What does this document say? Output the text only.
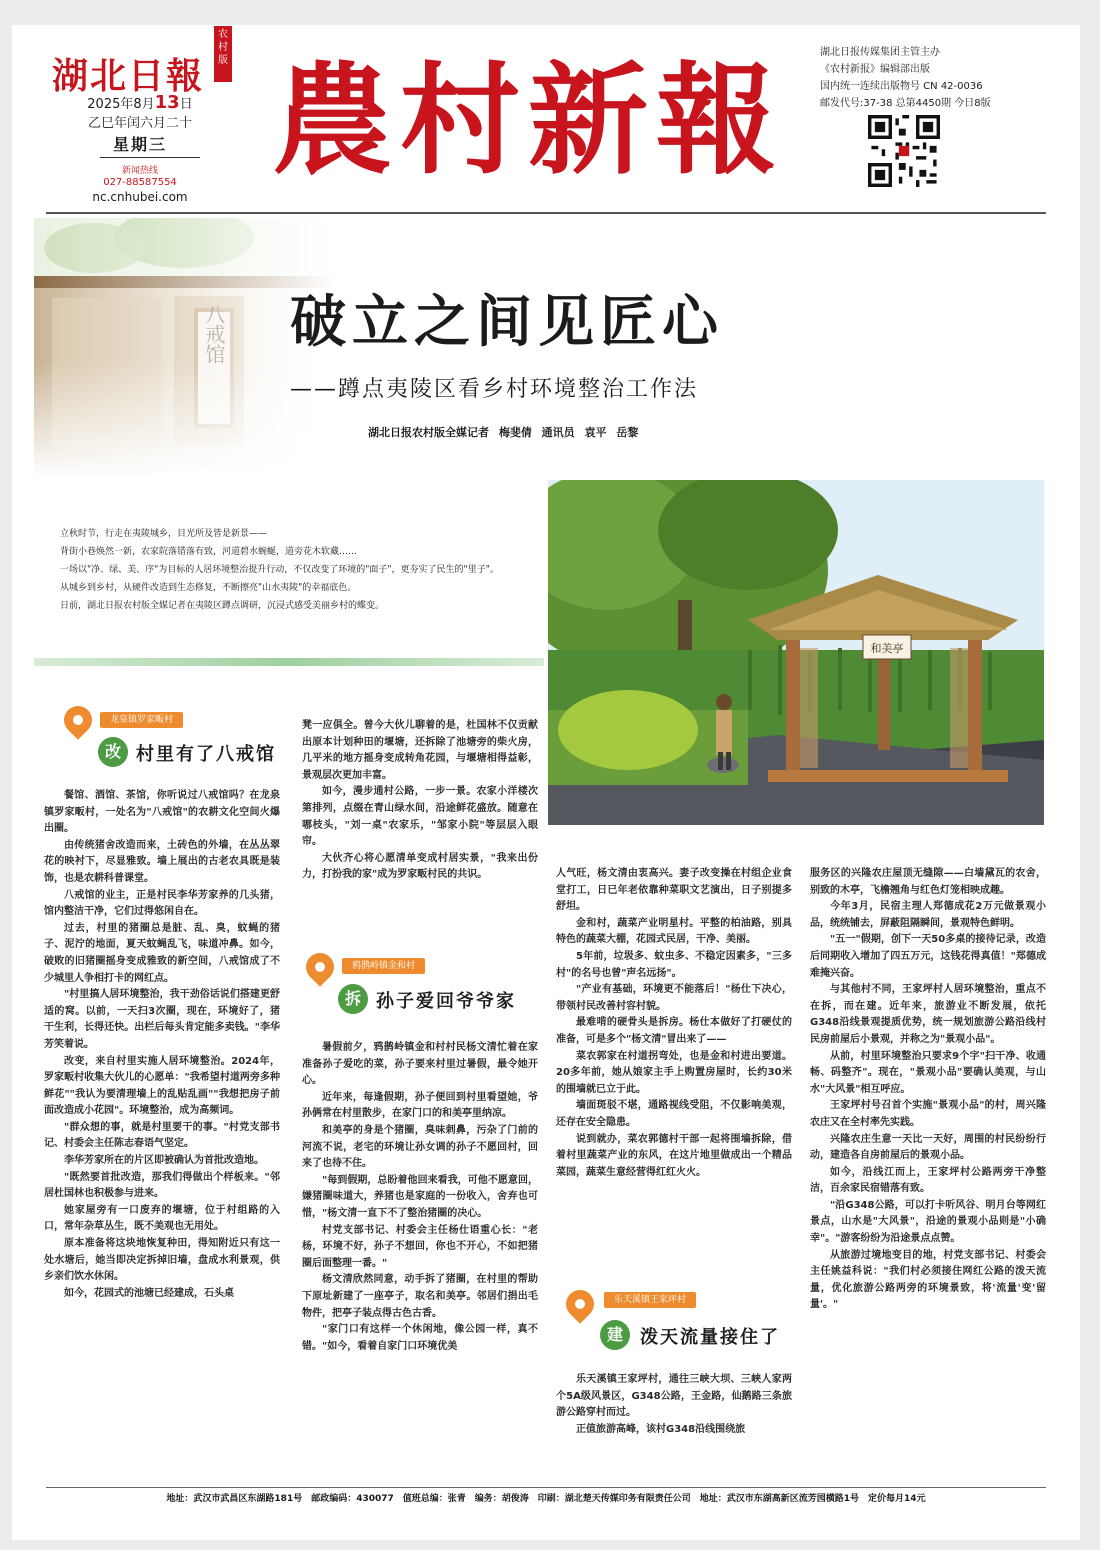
湖北日報
农村版
2025年8月13日
乙巳年闰六月二十
星期三
新闻热线
027-88587554
nc.cnhubei.com
農村新報	湖北日报传媒集团主管主办
《农村新报》编辑部出版
国内统一连续出版物号 CN 42-0036
邮发代号:37-38 总第4450期 今日8版
破立之间见匠心
——蹲点夷陵区看乡村环境整治工作法
湖北日报农村版全媒记者 梅斐倩 通讯员 袁平 岳黎
和美亭

立秋时节，行走在夷陵城乡，目光所及皆是新景——

背街小巷焕然一新，农家院落错落有致，河道碧水蜿蜒，道旁花木软藏……

一场以"净、绿、美、序"为目标的人居环境整治提升行动，不仅改变了环境的"面子"，更夯实了民生的"里子"。

从城乡到乡村，从硬件改造到生态修复，不断擦亮"山水夷陵"的幸福底色。

日前，湖北日报农村版全媒记者在夷陵区蹲点调研，沉浸式感受美丽乡村的蝶变。

龙泉镇罗家畈村
改 村里有了八戒馆

餐馆、酒馆、茶馆，你听说过八戒馆吗？在龙泉镇罗家畈村，一处名为"八戒馆"的农耕文化空间火爆出圈。

由传统猪舍改造而来，土砖色的外墙，在丛丛翠花的映衬下，尽显雅致。墙上展出的古老农具既是装饰，也是农耕科普课堂。

八戒馆的业主，正是村民李华芳家养的几头猪，馆内整洁干净，它们过得悠闲自在。

过去，村里的猪圈总是脏、乱、臭，蚊蝇的猪子、泥泞的地面，夏天蚊蝇乱飞，味道冲鼻。如今，破败的旧猪圈摇身变成雅致的新空间，八戒馆成了不少城里人争相打卡的网红点。

"村里搞人居环境整治，我干劲俗话说们搭建更舒适的窝。以前，一天扫3次圈，现在，环境好了，猪干生利，长得还快。出栏后每头肯定能多卖钱。"李华芳笑着说。

改变，来自村里实施人居环境整治。2024年，罗家畈村收集大伙儿的心愿单："我希望村道两旁多种鲜花""我认为要清理墙上的乱贴乱画""我想把房子前面改造成小花园"。环境整治，成为高频词。

"群众想的事，就是村里要干的事。"村党支部书记、村委会主任陈志春语气坚定。

李华芳家所在的片区即被确认为首批改造地。

"既然要首批改造，那我们得做出个样板来。"邻居杜国林也积极参与进来。

她家屋旁有一口废弃的堰塘，位于村组路的入口，常年杂草丛生，既不美观也无用处。

原本准备将这块地恢复种田，得知附近只有这一处水塘后，她当即决定拆掉旧墙，盘成水利景观，供乡亲们饮水休闲。

如今，花园式的池塘已经建成，石头桌

凳一应俱全。曾今大伙儿聊着的是，杜国林不仅贡献出原本计划种田的堰塘，还拆除了池塘旁的柴火房，几平米的地方摇身变成转角花园，与堰塘相得益彰，景观层次更加丰富。

如今，漫步通村公路，一步一景。农家小洋楼次第排列，点缀在青山绿水间，沿途鲜花盛放。随意在哪枝头，"刘一桌"农家乐，"邹家小院"等层层入眼帘。

大伙齐心将心愿清单变成村居实景，"我来出份力，打扮我的家"成为罗家畈村民的共识。

鸦鹊岭镇金和村
拆 孙子爱回爷爷家

暑假前夕，鸦鹊岭镇金和村村民杨文清忙着在家准备孙子爱吃的菜，孙子要来村里过暑假，最令她开心。

近年来，每逢假期，孙子便回到村里看望她，爷孙俩常在村里散步，在家门口的和美亭里纳凉。

和美亭的身是个猪圈，臭味刺鼻，污杂了门前的河流不说，老宅的环境让孙女调的孙子不愿回村，回来了也待不住。

"每到假期，总盼着他回来看我，可他不愿意回，嫌猪圈味道大，养猪也是家庭的一份收入，舍弃也可惜，"杨文清一直下不了整治猪圈的决心。

村党支部书记、村委会主任杨仕语重心长："老杨，环境不好，孙子不想回，你也不开心，不如把猪圈后面整理一番。"

杨文清欣然同意，动手拆了猪圈，在村里的帮助下原址新建了一座亭子，取名和美亭。邻居们捐出毛物件，把亭子装点得古色古香。

"家门口有这样一个休闲地，像公园一样，真不错。"如今，看着自家门口环境优美

人气旺，杨文清由衷高兴。妻子改变操在村组企业食堂打工，日已年老依靠种菜职文艺演出，日子别提多舒坦。

金和村，蔬菜产业明星村。平整的柏油路，别具特色的蔬菜大棚，花园式民居，干净、美丽。

5年前，垃圾多、蚊虫多、不稳定因素多，"三多村"的名号也曾"声名远扬"。

"产业有基础，环境更不能落后！"杨仕下决心，带领村民改善村容村貌。

最难啃的硬骨头是拆房。杨仕本做好了打硬仗的准备，可是多个"杨文清"冒出来了——

菜农郭家在村道拐弯处，也是金和村进出要道。20多年前，她从娘家主手上购置房屋时，长约30米的围墙就已立于此。

墙面斑驳不堪，通路视线受阻，不仅影响美观，还存在安全隐患。

说到就办，菜农郭德村干部一起将围墙拆除，借着村里蔬菜产业的东风，在这片地里做成出一个精品菜园，蔬菜生意经营得红红火火。

乐天溪镇王家坪村
建 泼天流量接住了

乐天溪镇王家坪村，通往三峡大坝、三峡人家两个5A级风景区，G348公路，王金路，仙鹅路三条旅游公路穿村而过。

正值旅游高峰，该村G348沿线围绕旅

服务区的兴隆农庄屋顶无缝隙——白墙黛瓦的农舍，别致的木亭，飞檐翘角与红色灯笼相映成趣。

今年3月，民宿主理人郑德成花2万元做景观小品，统统铺去，屏蔽阻隔瞬间，景观特色鲜明。

"五一"假期，创下一天50多桌的接待记录，改造后同期收入增加了四五万元，这钱花得真值！"郑德成难掩兴奋。

与其他村不同，王家坪村人居环境整治，重点不在拆，而在建。近年来，旅游业不断发展，依托G348沿线景观提质优势，统一规划旅游公路沿线村民房前屋后小景观，并称之为"景观小品"。

从前，村里环境整治只要求9个字"扫干净、收通畅、码整齐"。现在，"景观小品"要确认美观，与山水"大风景"相互呼应。

王家坪村号召首个实施"景观小品"的村，周兴隆农庄又在全村率先实践。

兴隆农庄生意一天比一天好，周围的村民纷纷行动，建造各自房前屋后的景观小品。

如今，沿线江而上，王家坪村公路两旁干净整洁，百余家民宿错落有致。

"沿G348公路，可以打卡听风谷、明月台等网红景点，山水是"大风景"，沿途的景观小品则是"小确幸"。"游客纷纷为沿途景点点赞。

从旅游过境地变目的地，村党支部书记、村委会主任姚益科说："我们村必须接住网红公路的泼天流量，优化旅游公路两旁的环境景致，将'流量'变'留量'。"

地址：武汉市武昌区东湖路181号　邮政编码：430077　值班总编：张青　编务：胡俊涛　印刷：湖北楚天传媒印务有限责任公司　地址：武汉市东湖高新区流芳园横路1号　定价每月14元
